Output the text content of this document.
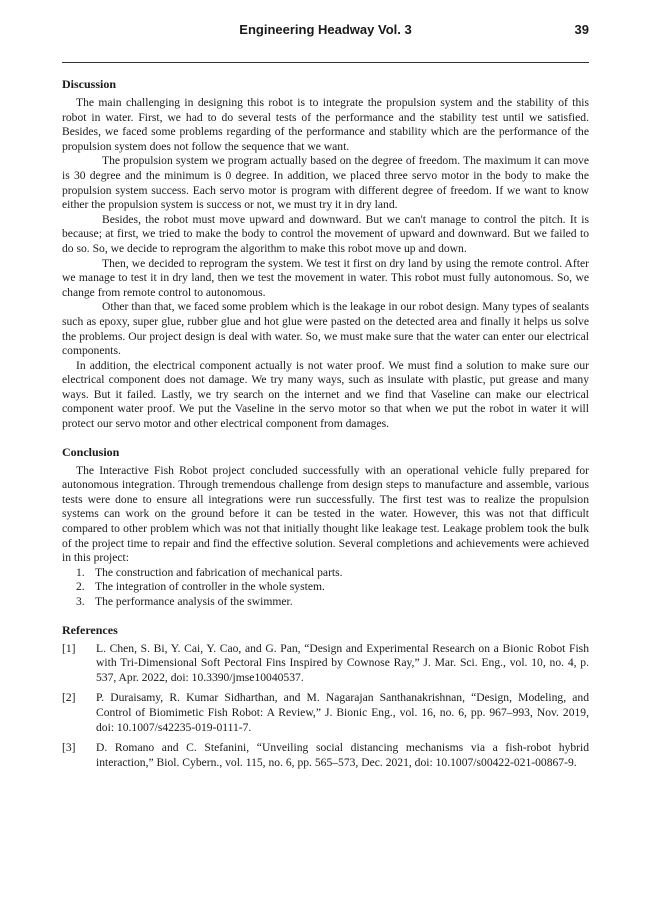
Engineering Headway Vol. 3	39
Discussion

The main challenging in designing this robot is to integrate the propulsion system and the stability of this robot in water. First, we had to do several tests of the performance and the stability test until we satisfied. Besides, we faced some problems regarding of the performance and stability which are the performance of the propulsion system does not follow the sequence that we want.

The propulsion system we program actually based on the degree of freedom. The maximum it can move is 30 degree and the minimum is 0 degree. In addition, we placed three servo motor in the body to make the propulsion system success. Each servo motor is program with different degree of freedom. If we want to know either the propulsion system is success or not, we must try it in dry land.

Besides, the robot must move upward and downward. But we can't manage to control the pitch. It is because; at first, we tried to make the body to control the movement of upward and downward. But we failed to do so. So, we decide to reprogram the algorithm to make this robot move up and down.

Then, we decided to reprogram the system. We test it first on dry land by using the remote control. After we manage to test it in dry land, then we test the movement in water. This robot must fully autonomous. So, we change from remote control to autonomous.

Other than that, we faced some problem which is the leakage in our robot design. Many types of sealants such as epoxy, super glue, rubber glue and hot glue were pasted on the detected area and finally it helps us solve the problems. Our project design is deal with water. So, we must make sure that the water can enter our electrical components.

In addition, the electrical component actually is not water proof. We must find a solution to make sure our electrical component does not damage. We try many ways, such as insulate with plastic, put grease and many ways. But it failed. Lastly, we try search on the internet and we find that Vaseline can make our electrical component water proof. We put the Vaseline in the servo motor so that when we put the robot in water it will protect our servo motor and other electrical component from damages.

Conclusion

The Interactive Fish Robot project concluded successfully with an operational vehicle fully prepared for autonomous integration. Through tremendous challenge from design steps to manufacture and assemble, various tests were done to ensure all integrations were run successfully. The first test was to realize the propulsion systems can work on the ground before it can be tested in the water. However, this was not that difficult compared to other problem which was not that initially thought like leakage test. Leakage problem took the bulk of the project time to repair and find the effective solution. Several completions and achievements were achieved in this project:

1. The construction and fabrication of mechanical parts.
2. The integration of controller in the whole system.
3. The performance analysis of the swimmer.
References
[1]	L. Chen, S. Bi, Y. Cai, Y. Cao, and G. Pan, “Design and Experimental Research on a Bionic Robot Fish with Tri-Dimensional Soft Pectoral Fins Inspired by Cownose Ray,” J. Mar. Sci. Eng., vol. 10, no. 4, p. 537, Apr. 2022, doi: 10.3390/jmse10040537.
[2]	P. Duraisamy, R. Kumar Sidharthan, and M. Nagarajan Santhanakrishnan, “Design, Modeling, and Control of Biomimetic Fish Robot: A Review,” J. Bionic Eng., vol. 16, no. 6, pp. 967–993, Nov. 2019, doi: 10.1007/s42235-019-0111-7.
[3]	D. Romano and C. Stefanini, “Unveiling social distancing mechanisms via a fish-robot hybrid interaction,” Biol. Cybern., vol. 115, no. 6, pp. 565–573, Dec. 2021, doi: 10.1007/s00422-021-00867-9.
